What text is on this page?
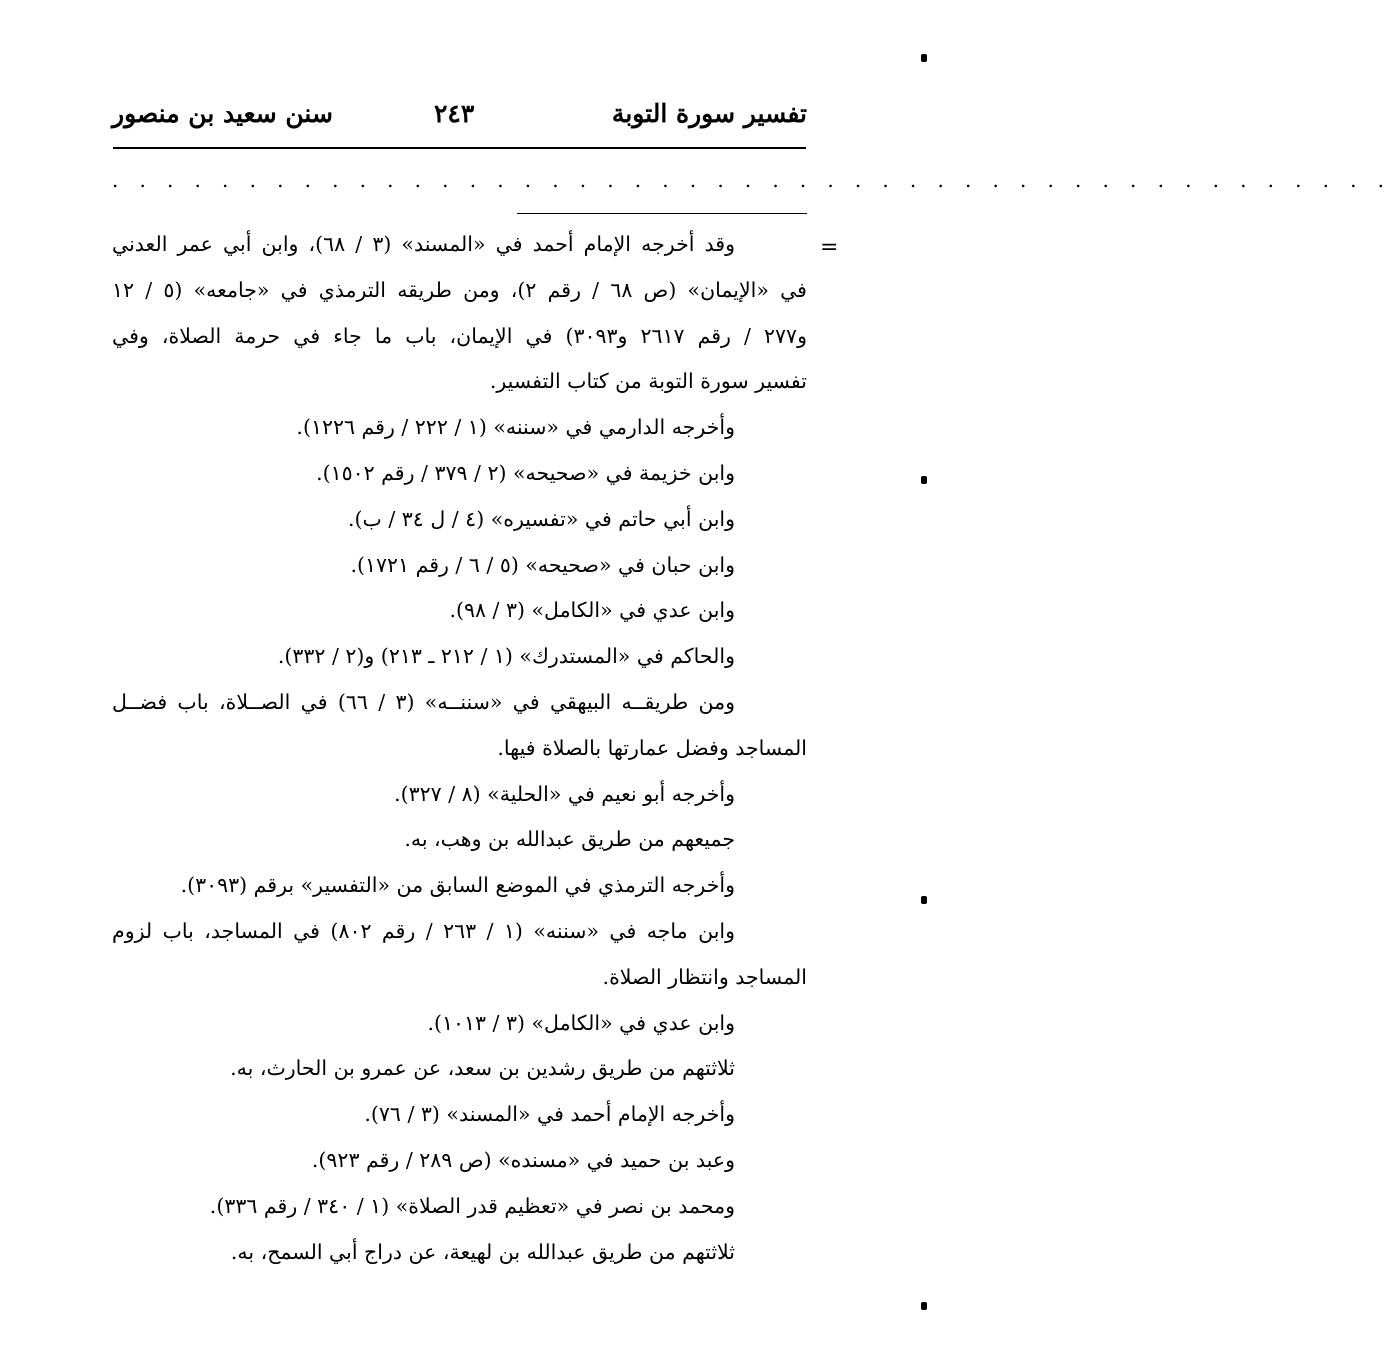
تفسير سورة التوبة
٢٤٣
سنن سعيد بن منصور
. . . . . . . . . . . . . . . . . . . . . . . . . . . . . . . . . . . . . . . . . . . . . . .
=
وقد أخرجه الإمام أحمد في «المسند» (٣ / ٦٨)، وابن أبي عمر العدني
في «الإيمان» (ص ٦٨ / رقم ٢)، ومن طريقه الترمذي في «جامعه» (٥ / ١٢
و٢٧٧ / رقم ٢٦١٧ و٣٠٩٣) في الإيمان، باب ما جاء في حرمة الصلاة، وفي
تفسير سورة التوبة من كتاب التفسير.
وأخرجه الدارمي في «سننه» (١ / ٢٢٢ / رقم ١٢٢٦).
وابن خزيمة في «صحيحه» (٢ / ٣٧٩ / رقم ١٥٠٢).
وابن أبي حاتم في «تفسيره» (٤ / ل ٣٤ / ب).
وابن حبان في «صحيحه» (٥ / ٦ / رقم ١٧٢١).
وابن عدي في «الكامل» (٣ / ٩٨).
والحاكم في «المستدرك» (١ / ٢١٢ ـ ٢١٣) و(٢ / ٣٣٢).
ومن طريقــه البيهقي في «سننــه» (٣ / ٦٦) في الصــلاة، باب فضــل
المساجد وفضل عمارتها بالصلاة فيها.
وأخرجه أبو نعيم في «الحلية» (٨ / ٣٢٧).
جميعهم من طريق عبدالله بن وهب، به.
وأخرجه الترمذي في الموضع السابق من «التفسير» برقم (٣٠٩٣).
وابن ماجه في «سننه» (١ / ٢٦٣ / رقم ٨٠٢) في المساجد، باب لزوم
المساجد وانتظار الصلاة.
وابن عدي في «الكامل» (٣ / ١٠١٣).
ثلاثتهم من طريق رشدين بن سعد، عن عمرو بن الحارث، به.
وأخرجه الإمام أحمد في «المسند» (٣ / ٧٦).
وعبد بن حميد في «مسنده» (ص ٢٨٩ / رقم ٩٢٣).
ومحمد بن نصر في «تعظيم قدر الصلاة» (١ / ٣٤٠ / رقم ٣٣٦).
ثلاثتهم من طريق عبدالله بن لهيعة، عن دراج أبي السمح، به.
